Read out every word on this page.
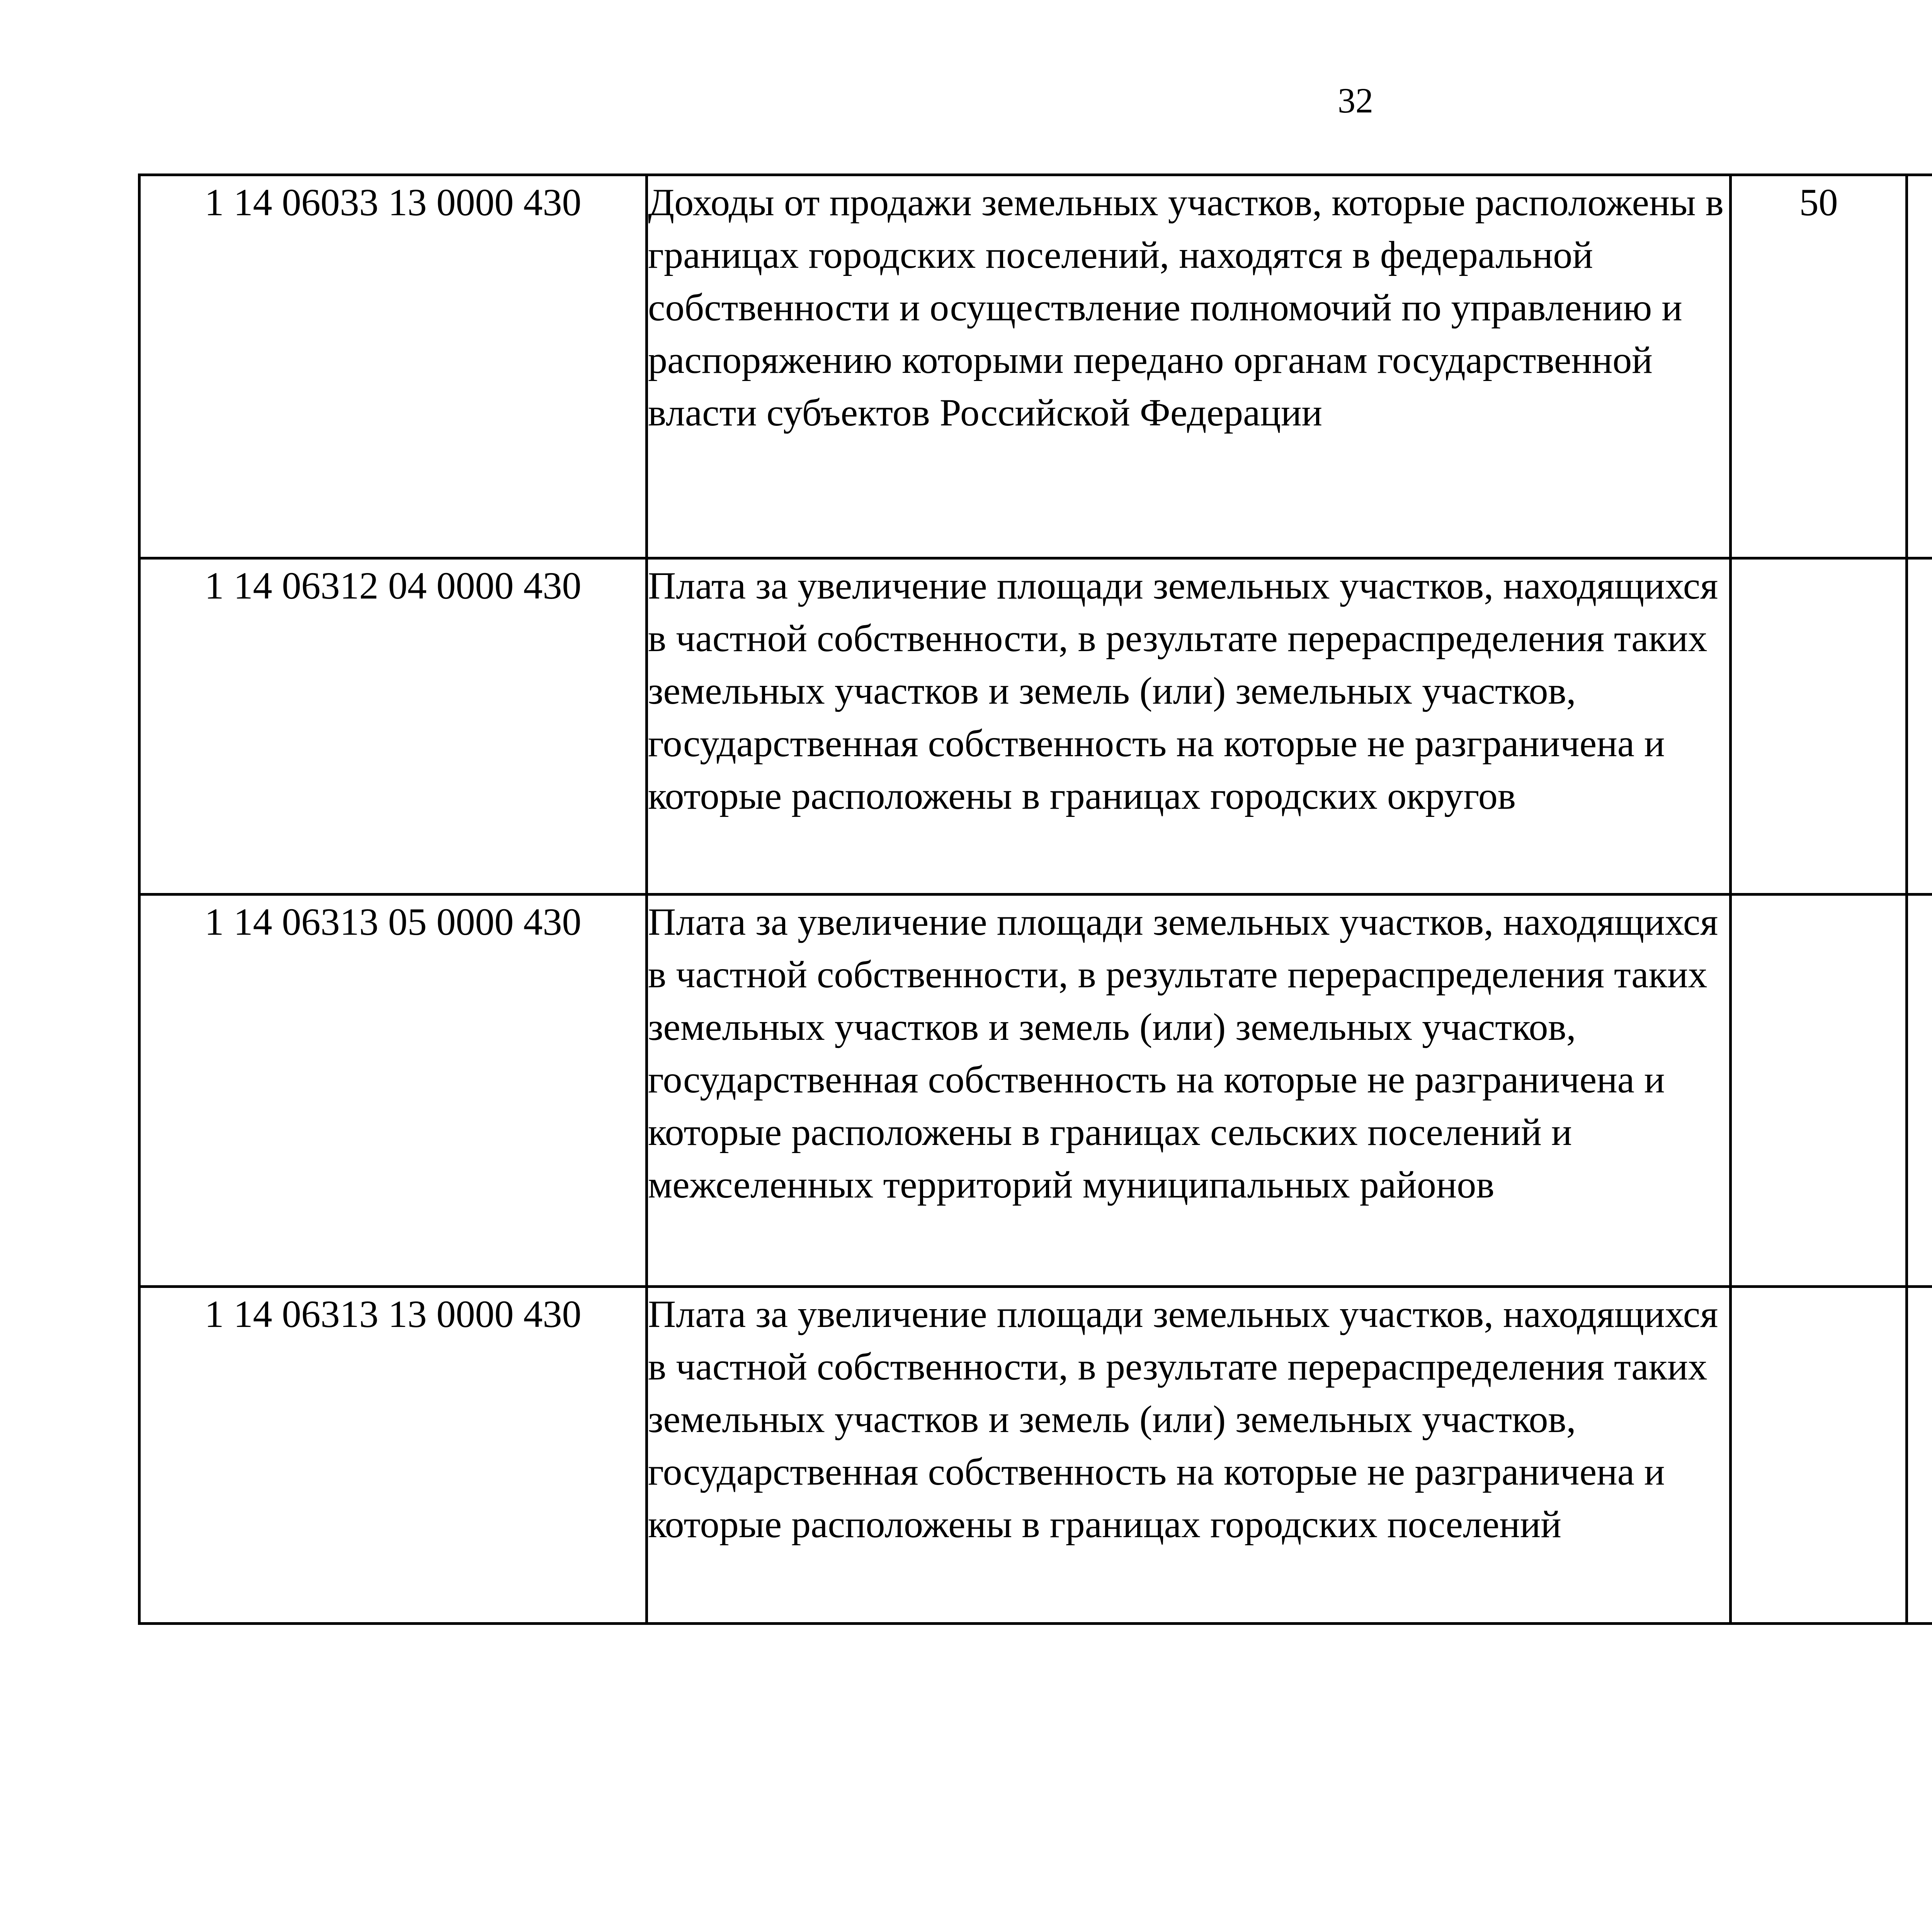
32
1 14 06033 13 0000 430	Доходы от продажи земельных участков, которые расположены в границах городских поселений, находятся в федеральной собственности и осуществление полномочий по управлению и распоряжению которыми передано органам государственной власти субъектов Российской Федерации	50				
1 14 06312 04 0000 430	Плата за увеличение площади земельных участков, находящихся в частной собственности, в результате перераспределения таких земельных участков и земель (или) земельных участков, государственная собственность на которые не разграничена и которые расположены в границах городских округов					
1 14 06313 05 0000 430	Плата за увеличение площади земельных участков, находящихся в частной собственности, в результате перераспределения таких земельных участков и земель (или) земельных участков, государственная собственность на которые не разграничена и которые расположены в границах сельских поселений и межселенных территорий муниципальных районов					
1 14 06313 13 0000 430	Плата за увеличение площади земельных участков, находящихся в частной собственности, в результате перераспределения таких земельных участков и земель (или) земельных участков, государственная собственность на которые не разграничена и которые расположены в границах городских поселений					
